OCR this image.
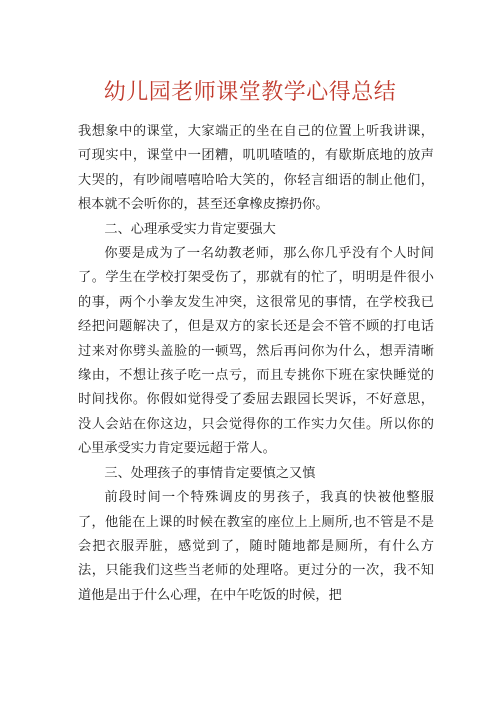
幼儿园老师课堂教学心得总结

我想象中的课堂，大家端正的坐在自己的位置上听我讲课，可现实中，课堂中一团糟，叽叽喳喳的，有歇斯底地的放声大哭的，有吵闹嘻嘻哈哈大笑的，你轻言细语的制止他们，根本就不会听你的，甚至还拿橡皮擦扔你。

二、心理承受实力肯定要强大

你要是成为了一名幼教老师，那么你几乎没有个人时间了。学生在学校打架受伤了，那就有的忙了，明明是件很小的事，两个小拳友发生冲突，这很常见的事情，在学校我已经把问题解决了，但是双方的家长还是会不管不顾的打电话过来对你劈头盖脸的一顿骂，然后再问你为什么，想弄清晰缘由，不想让孩子吃一点亏，而且专挑你下班在家快睡觉的时间找你。你假如觉得受了委屈去跟园长哭诉，不好意思，没人会站在你这边，只会觉得你的工作实力欠佳。所以你的心里承受实力肯定要远超于常人。

三、处理孩子的事情肯定要慎之又慎

前段时间一个特殊调皮的男孩子，我真的快被他整服了，他能在上课的时候在教室的座位上上厕所,也不管是不是会把衣服弄脏，感觉到了，随时随地都是厕所，有什么方法，只能我们这些当老师的处理咯。更过分的一次，我不知道他是出于什么心理，在中午吃饭的时候，把
